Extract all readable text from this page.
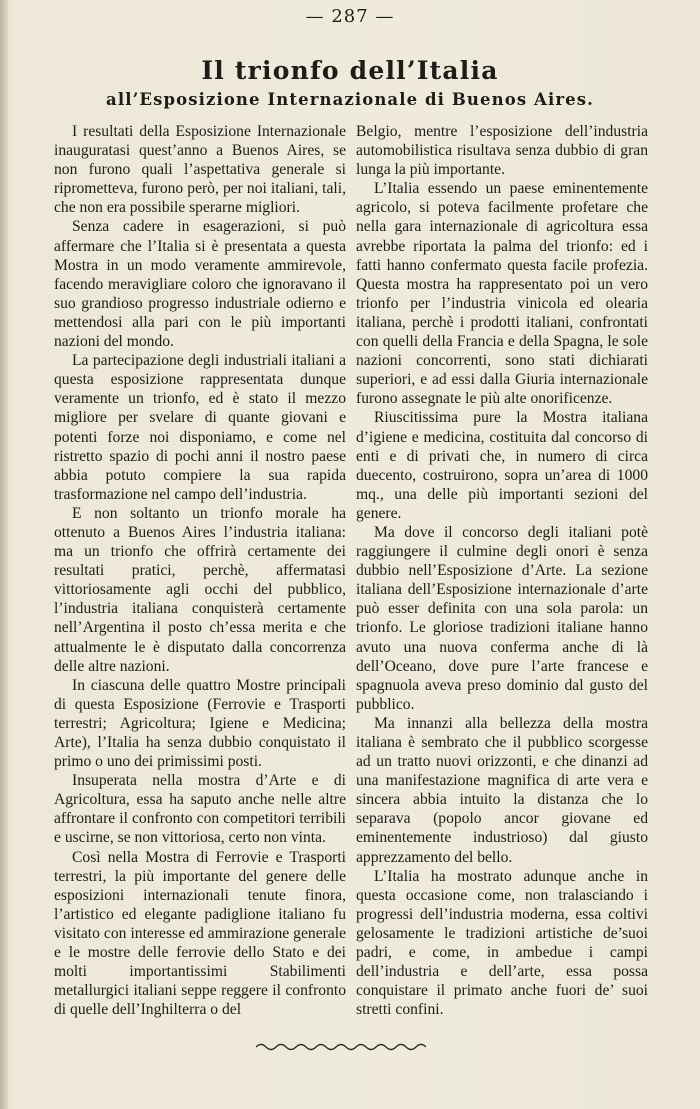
— 287 —
Il trionfo dell’Italia
all’Esposizione Internazionale di Buenos Aires.

I resultati della Esposizione Internazionale inauguratasi quest’anno a Buenos Aires, se non furono quali l’aspettativa generale si riprometteva, furono però, per noi italiani, tali, che non era possibile sperarne migliori.

Senza cadere in esagerazioni, si può affermare che l’Italia si è presentata a questa Mostra in un modo veramente ammirevole, facendo meravigliare coloro che ignoravano il suo grandioso progresso industriale odierno e mettendosi alla pari con le più importanti nazioni del mondo.

La partecipazione degli industriali italiani a questa esposizione rappresentata dunque veramente un trionfo, ed è stato il mezzo migliore per svelare di quante giovani e potenti forze noi disponiamo, e come nel ristretto spazio di pochi anni il nostro paese abbia potuto compiere la sua rapida trasformazione nel campo dell’industria.

E non soltanto un trionfo morale ha ottenuto a Buenos Aires l’industria italiana: ma un trionfo che offrirà certamente dei resultati pratici, perchè, affermatasi vittoriosamente agli occhi del pubblico, l’industria italiana conquisterà certamente nell’Argentina il posto ch’essa merita e che attualmente le è disputato dalla concorrenza delle altre nazioni.

In ciascuna delle quattro Mostre principali di questa Esposizione (Ferrovie e Trasporti terrestri; Agricoltura; Igiene e Medicina; Arte), l’Italia ha senza dubbio conquistato il primo o uno dei primissimi posti.

Insuperata nella mostra d’Arte e di Agricoltura, essa ha saputo anche nelle altre affrontare il confronto con competitori terribili e uscirne, se non vittoriosa, certo non vinta.

Così nella Mostra di Ferrovie e Trasporti terrestri, la più importante del genere delle esposizioni internazionali tenute finora, l’artistico ed elegante padiglione italiano fu visitato con interesse ed ammirazione generale e le mostre delle ferrovie dello Stato e dei molti importantissimi Stabilimenti metallurgici italiani seppe reggere il confronto di quelle dell’Inghilterra o del

Belgio, mentre l’esposizione dell’industria automobilistica risultava senza dubbio di gran lunga la più importante.

L’Italia essendo un paese eminentemente agricolo, si poteva facilmente profetare che nella gara internazionale di agricoltura essa avrebbe riportata la palma del trionfo: ed i fatti hanno confermato questa facile profezia. Questa mostra ha rappresentato poi un vero trionfo per l’industria vinicola ed olearia italiana, perchè i prodotti italiani, confrontati con quelli della Francia e della Spagna, le sole nazioni concorrenti, sono stati dichiarati superiori, e ad essi dalla Giuria internazionale furono assegnate le più alte onorificenze.

Riuscitissima pure la Mostra italiana d’igiene e medicina, costituita dal concorso di enti e di privati che, in numero di circa duecento, costruirono, sopra un’area di 1000 mq., una delle più importanti sezioni del genere.

Ma dove il concorso degli italiani potè raggiungere il culmine degli onori è senza dubbio nell’Esposizione d’Arte. La sezione italiana dell’Esposizione internazionale d’arte può esser definita con una sola parola: un trionfo. Le gloriose tradizioni italiane hanno avuto una nuova conferma anche di là dell’Oceano, dove pure l’arte francese e spagnuola aveva preso dominio dal gusto del pubblico.

Ma innanzi alla bellezza della mostra italiana è sembrato che il pubblico scorgesse ad un tratto nuovi orizzonti, e che dinanzi ad una manifestazione magnifica di arte vera e sincera abbia intuito la distanza che lo separava (popolo ancor giovane ed eminentemente industrioso) dal giusto apprezzamento del bello.

L’Italia ha mostrato adunque anche in questa occasione come, non tralasciando i progressi dell’industria moderna, essa coltivi gelosamente le tradizioni artistiche de’suoi padri, e come, in ambedue i campi dell’industria e dell’arte, essa possa conquistare il primato anche fuori de’ suoi stretti confini.
